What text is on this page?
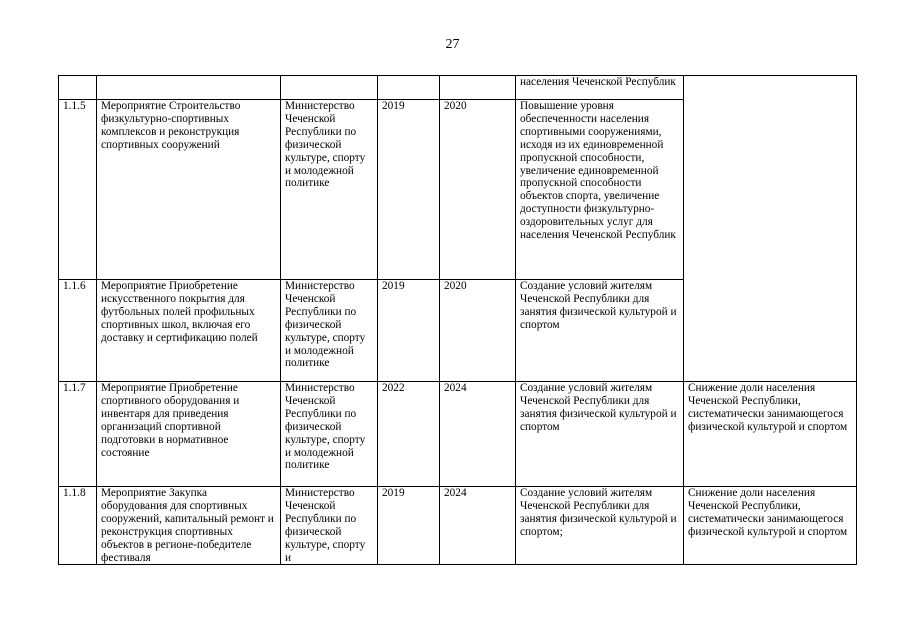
27
					населения Чеченской Республик	
1.1.5	Мероприятие Строительство физкультурно-спортивных комплексов и реконструкция спортивных сооружений	Министерство Чеченской Республики по физической культуре, спорту и молодежной политике	2019	2020	Повышение уровня обеспеченности населения спортивными сооружениями, исходя из их единовременной пропускной способности, увеличение единовременной пропускной способности объектов спорта, увеличение доступности физкультурно-оздоровительных услуг для населения Чеченской Республик	
1.1.6	Мероприятие Приобретение искусственного покрытия для футбольных полей профильных спортивных школ, включая его доставку и сертификацию полей	Министерство Чеченской Республики по физической культуре, спорту и молодежной политике	2019	2020	Создание условий жителям Чеченской Республики для занятия физической культурой и спортом	
1.1.7	Мероприятие Приобретение спортивного оборудования и инвентаря для приведения организаций спортивной подготовки в нормативное состояние	Министерство Чеченской Республики по физической культуре, спорту и молодежной политике	2022	2024	Создание условий жителям Чеченской Республики для занятия физической культурой и спортом	Снижение доли населения Чеченской Республики, систематически занимающегося физической культурой и спортом
1.1.8	Мероприятие Закупка оборудования для спортивных сооружений, капитальный ремонт и реконструкция спортивных объектов в регионе-победителе фестиваля	Министерство Чеченской Республики по физической культуре, спорту и	2019	2024	Создание условий жителям Чеченской Республики для занятия физической культурой и спортом;	Снижение доли населения Чеченской Республики, систематически занимающегося физической культурой и спортом
